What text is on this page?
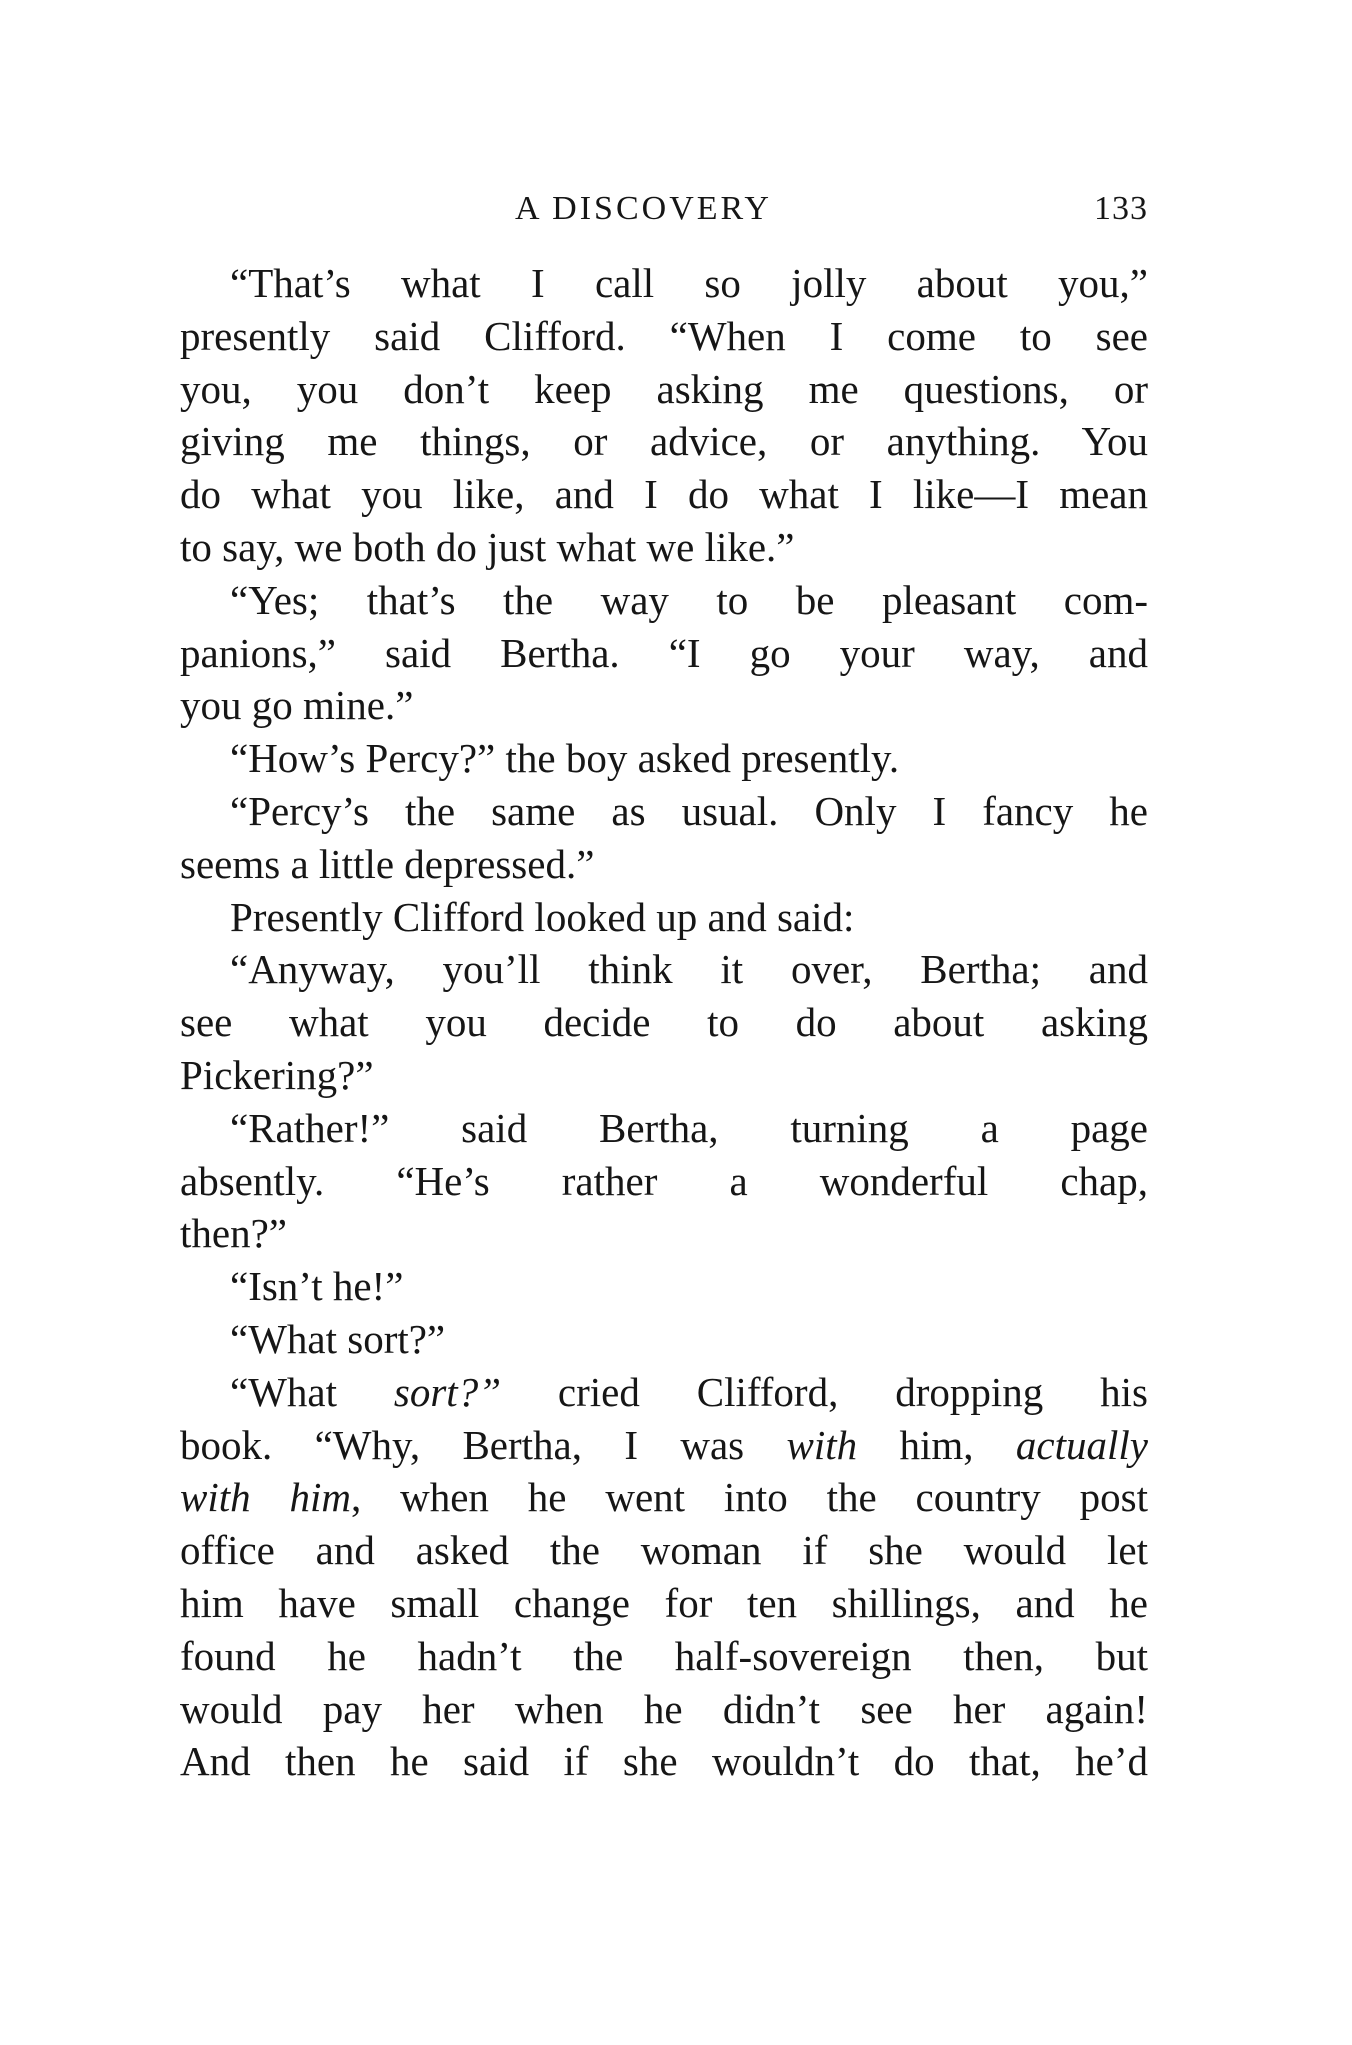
A DISCOVERY	133
“That’s what I call so jolly about you,”
presently said Clifford. “When I come to see
you, you don’t keep asking me questions, or
giving me things, or advice, or anything. You
do what you like, and I do what I like—I mean
to say, we both do just what we like.”
“Yes; that’s the way to be pleasant com-
panions,” said Bertha. “I go your way, and
you go mine.”
“How’s Percy?” the boy asked presently.
“Percy’s the same as usual. Only I fancy he
seems a little depressed.”
Presently Clifford looked up and said:
“Anyway, you’ll think it over, Bertha; and
see what you decide to do about asking
Pickering?”
“Rather!” said Bertha, turning a page
absently. “He’s rather a wonderful chap,
then?”
“Isn’t he!”
“What sort?”
“What sort?” cried Clifford, dropping his
book. “Why, Bertha, I was with him, actually
with him, when he went into the country post
office and asked the woman if she would let
him have small change for ten shillings, and he
found he hadn’t the half-sovereign then, but
would pay her when he didn’t see her again!
And then he said if she wouldn’t do that, he’d
